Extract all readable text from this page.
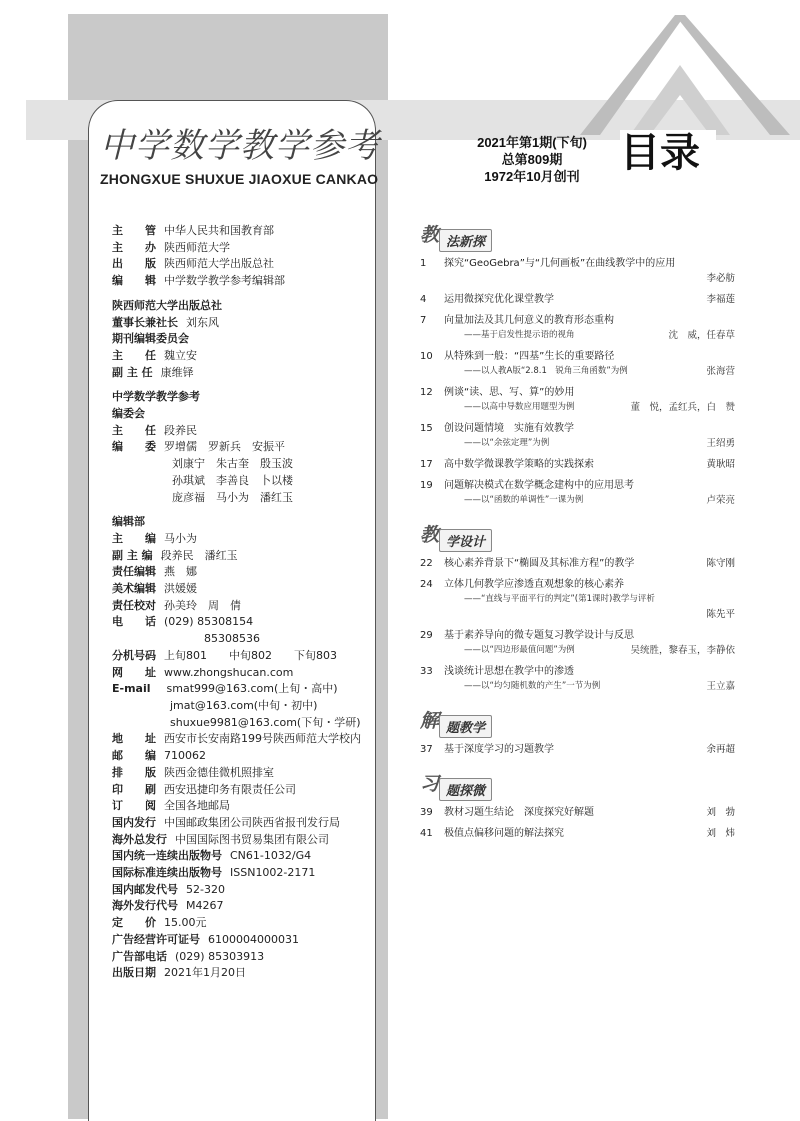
中学数学教学参考
ZHONGXUE SHUXUE JIAOXUE CANKAO
2021年第1期(下旬)
总第809期
1972年10月创刊
目录
主　　管 中华人民共和国教育部
主　　办 陕西师范大学
出　　版 陕西师范大学出版总社
编　　辑 中学数学教学参考编辑部
陕西师范大学出版总社
董事长兼社长 刘东风
期刊编辑委员会
主　　任 魏立安
副 主 任 康维铎
中学数学教学参考
编委会
主　　任 段养民
编　　委 罗增儒　罗新兵　安振平
刘康宁　朱古奎　殷玉波
孙琪斌　李善良　卜以楼
庞彦福　马小为　潘红玉
编辑部
主　　编 马小为
副 主 编 段养民　潘红玉
责任编辑 燕　娜
美术编辑 洪媛媛
责任校对 孙美玲　周　倩
电　　话 (029) 85308154
85308536
分机号码 上旬801　　中旬802　　下旬803
网　　址 www.zhongshucan.com
E-mail	smat999@163.com(上旬・高中)
jmat@163.com(中旬・初中)
shuxue9981@163.com(下旬・学研)
地　　址 西安市长安南路199号陕西师范大学校内
邮　　编 710062
排　　版 陕西金德佳微机照排室
印　　刷 西安迅捷印务有限责任公司
订　　阅 全国各地邮局
国内发行 中国邮政集团公司陕西省报刊发行局
海外总发行 中国国际图书贸易集团有限公司
国内统一连续出版物号 CN61-1032/G4
国际标准连续出版物号 ISSN1002-2171
国内邮发代号 52-320
海外发行代号 M4267
定　　价 15.00元
广告经营许可证号 6100004000031
广告部电话 (029) 85303913
出版日期 2021年1月20日
教 法新探
1	探究“GeoGebra”与“几何画板”在曲线教学中的应用
李必舫
4	运用微探究优化课堂教学	李福莲
7	向量加法及其几何意义的教育形态重构
——基于启发性提示语的视角	沈　威，任春草
10	从特殊到一般：“四基”生长的重要路径
——以人教A版“2.8.1　锐角三角函数”为例	张海营
12	例谈“读、思、写、算”的妙用
——以高中导数应用题型为例	董　悦，孟红兵，白　赞
15	创设问题情境　实施有效教学
——以“余弦定理”为例	王绍勇
17	高中数学微课教学策略的实践探索	黄耿昭
19	问题解决模式在数学概念建构中的应用思考
——以“函数的单调性”一课为例	卢荣亮
教 学设计
22	核心素养背景下“椭圆及其标准方程”的教学	陈守刚
24	立体几何教学应渗透直观想象的核心素养
——“直线与平面平行的判定”(第1课时)教学与评析
陈先平
29	基于素养导向的微专题复习教学设计与反思
——以“四边形最值问题”为例	吴统胜，黎春玉，李静依
33	浅谈统计思想在教学中的渗透
——以“均匀随机数的产生”一节为例	王立嘉
解 题教学
37	基于深度学习的习题教学	余再超
习 题探微
39	教材习题生结论　深度探究好解题	刘　勃
41	极值点偏移问题的解法探究	刘　炜
